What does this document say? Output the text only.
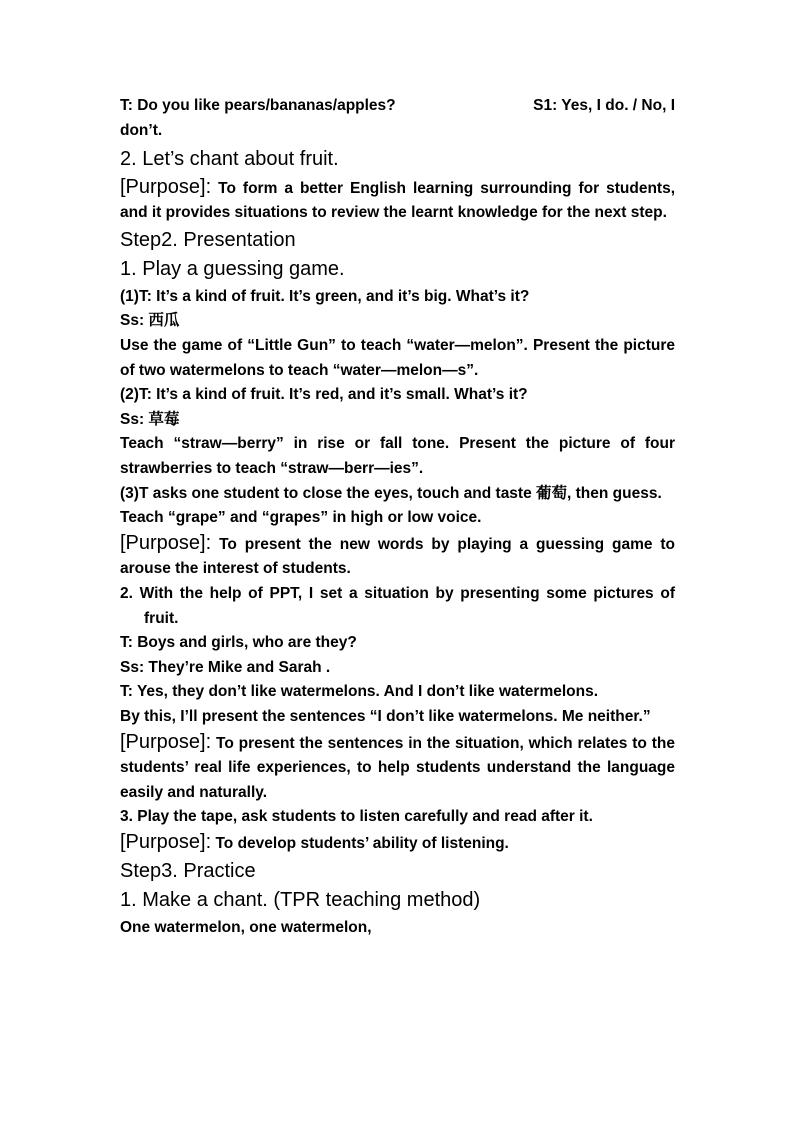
T: Do you like pears/bananas/apples?	S1: Yes, I do. / No, I
don’t.
2. Let’s chant about fruit.

[Purpose]: To form a better English learning surrounding for students, and it provides situations to review the learnt knowledge for the next step.

Step2. Presentation
1. Play a guessing game.
(1)T: It’s a kind of fruit. It’s green, and it’s big. What’s it?
Ss: 西瓜

Use the game of “Little Gun” to teach “water—melon”. Present the picture of two watermelons to teach “water—melon—s”.

(2)T: It’s a kind of fruit. It’s red, and it’s small. What’s it?
Ss: 草莓

Teach “straw—berry” in rise or fall tone. Present the picture of four strawberries to teach “straw—berr—ies”.

(3)T asks one student to close the eyes, touch and taste 葡萄, then guess.

Teach “grape” and “grapes” in high or low voice.

[Purpose]: To present the new words by playing a guessing game to arouse the interest of students.

2. With the help of PPT, I set a situation by presenting some pictures of fruit.

T: Boys and girls, who are they?
Ss: They’re Mike and Sarah .
T: Yes, they don’t like watermelons. And I don’t like watermelons.

By this, I’ll present the sentences “I don’t like watermelons. Me neither.”

[Purpose]: To present the sentences in the situation, which relates to the students’ real life experiences, to help students understand the language easily and naturally.

3. Play the tape, ask students to listen carefully and read after it.

[Purpose]: To develop students’ ability of listening.

Step3. Practice
1. Make a chant. (TPR teaching method)
One watermelon, one watermelon,
